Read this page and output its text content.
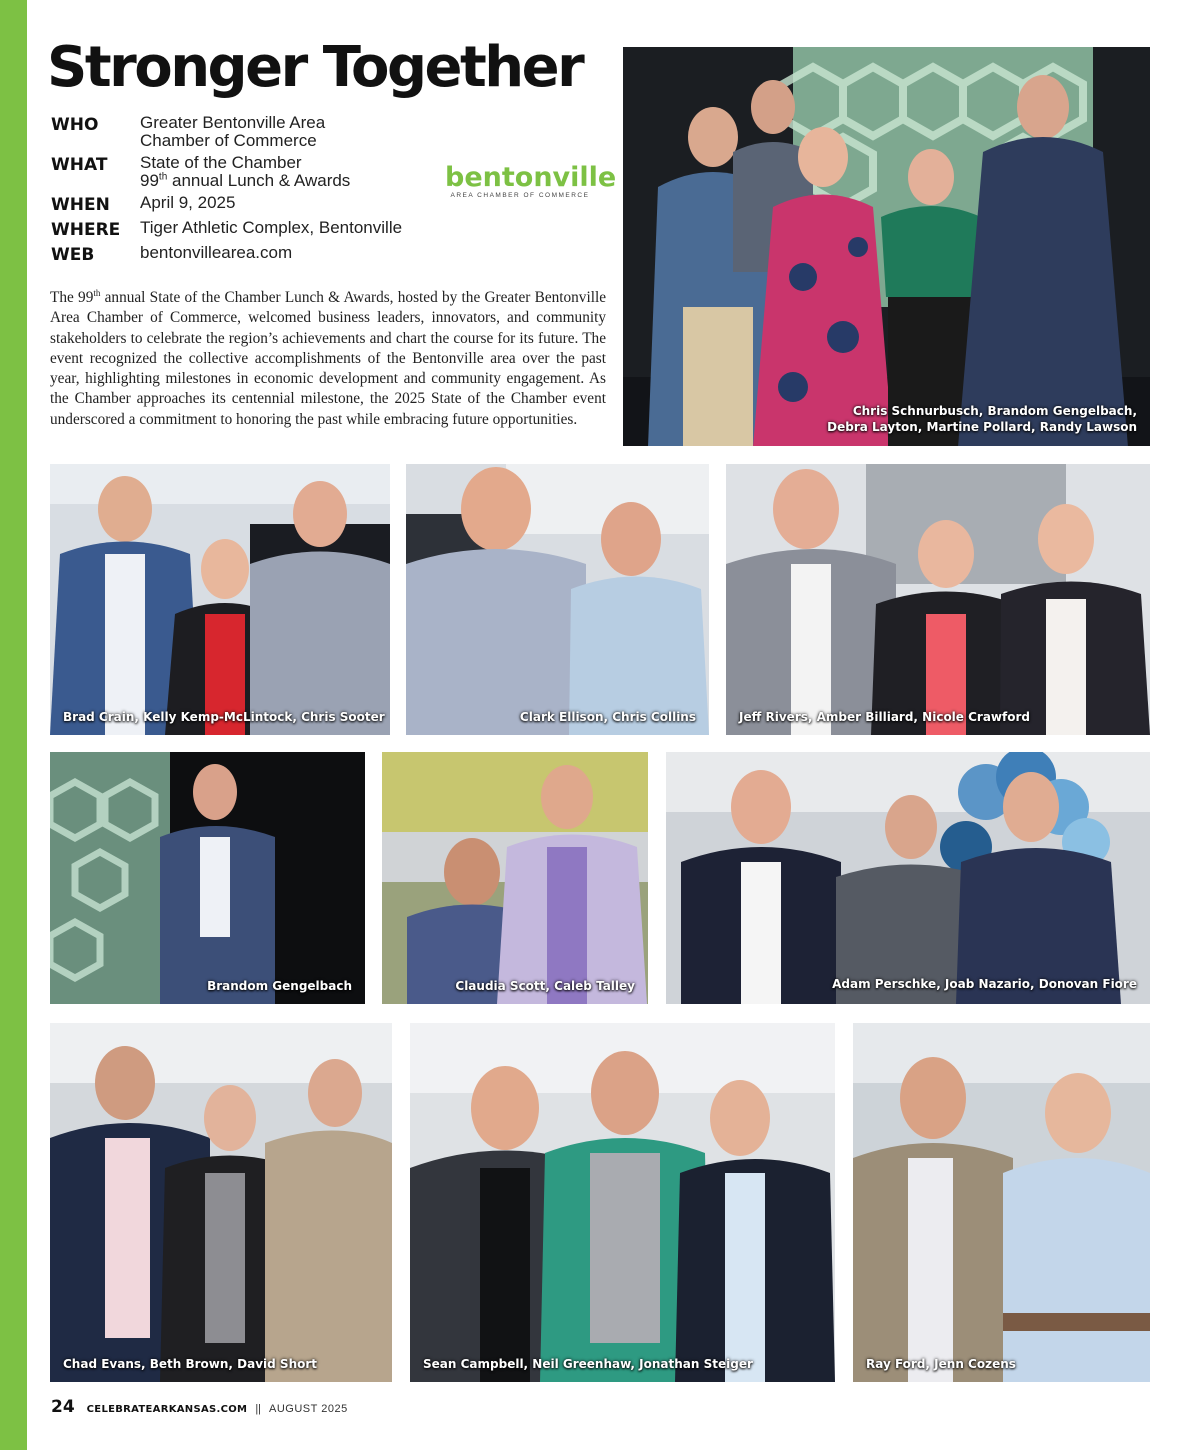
Stronger Together
WHO	Greater Bentonville Area
Chamber of Commerce
WHAT	State of the Chamber
99th annual Lunch & Awards
WHEN	April 9, 2025
WHERE	Tiger Athletic Complex, Bentonville
WEB	bentonvillearea.com
bentonville
AREA CHAMBER OF COMMERCE

The 99th annual State of the Chamber Lunch & Awards, hosted by the Greater Bentonville Area Chamber of Commerce, welcomed business leaders, innovators, and community stakeholders to celebrate the region’s achievements and chart the course for its future. The event recognized the collective accomplishments of the Bentonville area over the past year, highlighting milestones in economic development and community engagement. As the Chamber approaches its centennial milestone, the 2025 State of the Chamber event underscored a commitment to honoring the past while embracing future opportunities.	Chris Schnurbusch, Brandom Gengelbach,
Debra Layton, Martine Pollard, Randy Lawson
Brad Crain, Kelly Kemp-McLintock, Chris Sooter	Clark Ellison, Chris Collins	Jeff Rivers, Amber Billiard, Nicole Crawford
Brandom Gengelbach	Claudia Scott, Caleb Talley	Adam Perschke, Joab Nazario, Donovan Fiore
Chad Evans, Beth Brown, David Short	Sean Campbell, Neil Greenhaw, Jonathan Steiger	Ray Ford, Jenn Cozens
24 CELEBRATEARKANSAS.COM || AUGUST 2025
